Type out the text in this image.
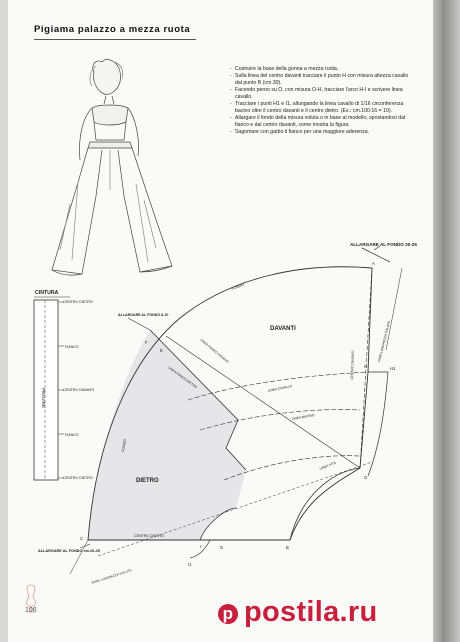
Pigiama palazzo a mezza ruota
- Costruire la base della gonna a mezza ruota.
- Sulla linea del centro davanti tracciare il punto H con misura altezza cavallo dal punto B (cm.30).
- Facendo perno su O, con misura O-H, tracciare l'arco H-I e scrivere linea cavallo.
- Tracciare i punti H1 e I1, allungando la linea cavallo di 1/16 circonferenza bacino oltre il centro davanti e il centro dietro. (Es.: cm.100:16 = 10).
- Allargare il fondo della misura voluta o in base al modello, spostandosi dal fianco e dal centro davanti, come mostra la figura.
- Sagomare con garbo il fianco per una maggiore aderenza.
CINTURA
PIEGARE
CENTRO DIETRO
FIANCO
CENTRO DAVANTI
FIANCO
CENTRO DIETRO
ALLARGARE AL FONDO 20-25
DAVANTI
DIETRO
FONDO
FONDO
CENTRO DAVANTI
CENTRO DIETRO
LINEA CAVALLO
LINEA BACINO
LINEA VITA
LINEA FIANCO DAVANTI
LINEA FIANCO DIETRO
FARE LUNGHEZZA VOLUTE
FARE LUNGHEZZA VOLUTE
ALLARGARE AL FONDO cm.20-25
ALLARGARE AL FONDO 8-10
O
B
H	H1
I
I1
C
F
E
G
A
106	p postila.ru
